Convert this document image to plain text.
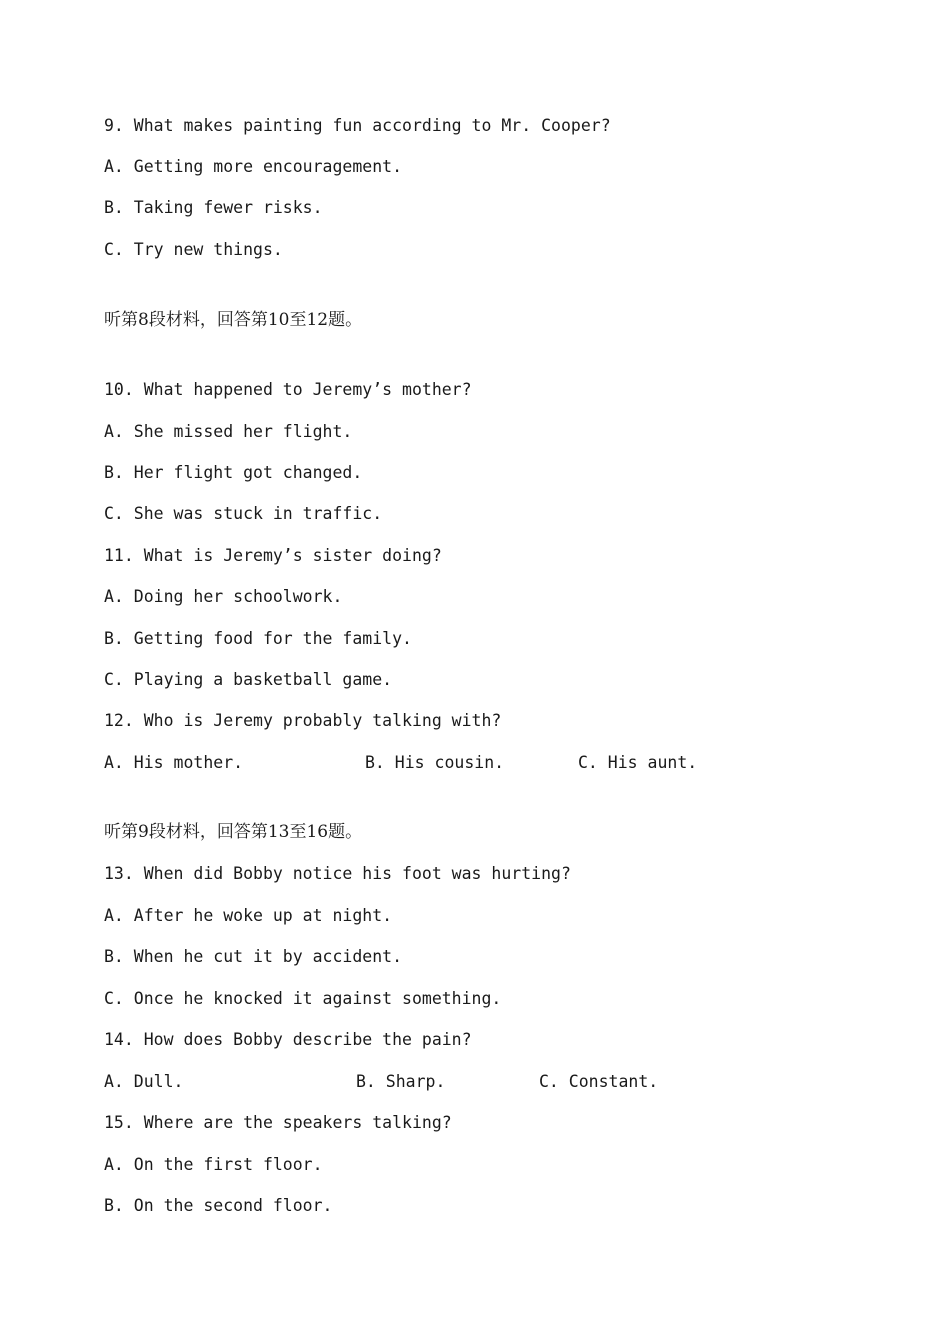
9. What makes painting fun according to Mr. Cooper?
A. Getting more encouragement.
B. Taking fewer risks.
C. Try new things.
听第8段材料，回答第10至12题。
10. What happened to Jeremy’s mother?
A. She missed her flight.
B. Her flight got changed.
C. She was stuck in traffic.
11. What is Jeremy’s sister doing?
A. Doing her schoolwork.
B. Getting food for the family.
C. Playing a basketball game.
12. Who is Jeremy probably talking with?
A. His mother.	B. His cousin.	C. His aunt.
听第9段材料，回答第13至16题。
13. When did Bobby notice his foot was hurting?
A. After he woke up at night.
B. When he cut it by accident.
C. Once he knocked it against something.
14. How does Bobby describe the pain?
A. Dull.	B. Sharp.	C. Constant.
15. Where are the speakers talking?
A. On the first floor.
B. On the second floor.
